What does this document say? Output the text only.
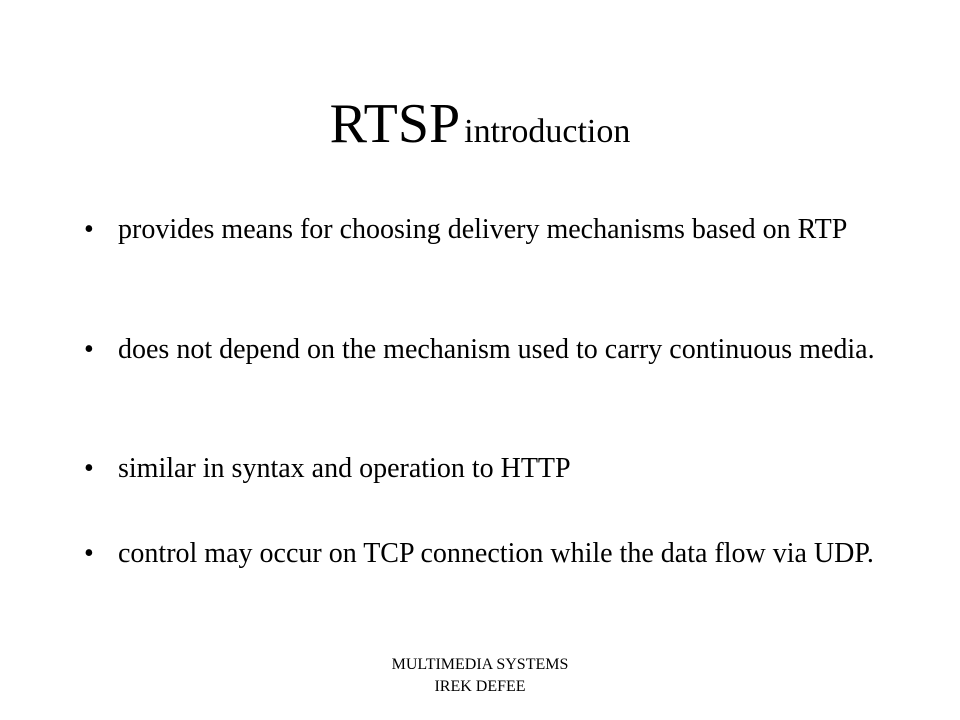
RTSP introduction
• provides means for choosing delivery mechanisms based on RTP
• does not depend on the mechanism used to carry continuous media.
• similar in syntax and operation to HTTP
• control may occur on TCP connection while the data flow via UDP.
MULTIMEDIA SYSTEMS
IREK DEFEE
